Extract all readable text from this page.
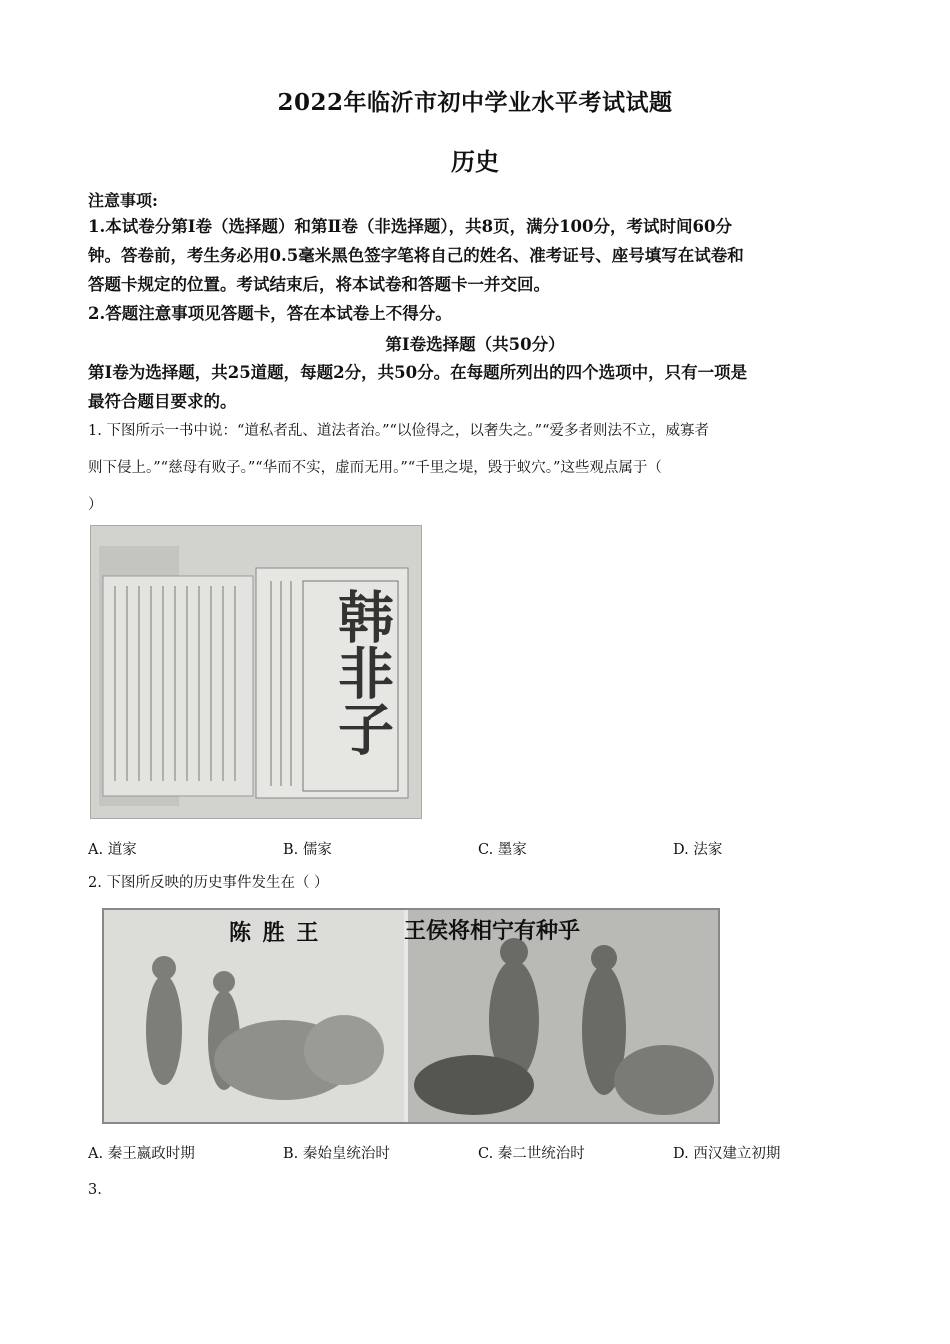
2022年临沂市初中学业水平考试试题
历史
注意事项:
1.本试卷分第Ⅰ卷（选择题）和第Ⅱ卷（非选择题），共8页，满分100分，考试时间60分
钟。答卷前，考生务必用0.5毫米黑色签字笔将自己的姓名、准考证号、座号填写在试卷和
答题卡规定的位置。考试结束后，将本试卷和答题卡一并交回。
2.答题注意事项见答题卡，答在本试卷上不得分。
第Ⅰ卷选择题（共50分）
第Ⅰ卷为选择题，共25道题，每题2分，共50分。在每题所列出的四个选项中，只有一项是
最符合题目要求的。
1. 下图所示一书中说：“道私者乱、道法者治。”“以俭得之，以奢失之。”“爱多者则法不立，威寡者
则下侵上。”“慈母有败子。”“华而不实，虚而无用。”“千里之堤，毁于蚁穴。”这些观点属于（
）
韩非子
A. 道家	B. 儒家	C. 墨家	D. 法家
2. 下图所反映的历史事件发生在（ ）
陈 胜 王	王侯将相宁有种乎
A. 秦王嬴政时期	B. 秦始皇统治时	C. 秦二世统治时	D. 西汉建立初期
3.
